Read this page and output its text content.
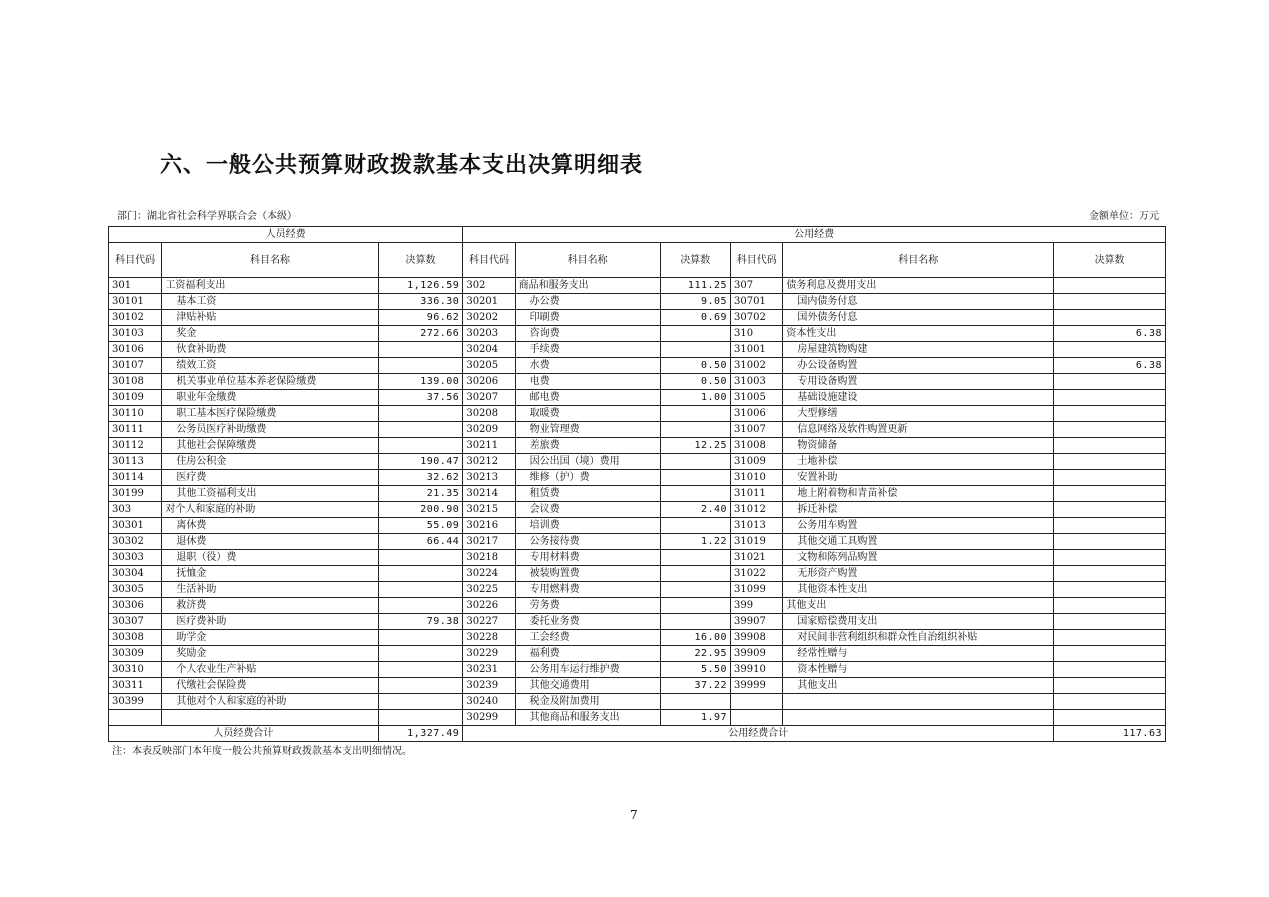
六、一般公共预算财政拨款基本支出决算明细表
部门：湖北省社会科学界联合会（本级）	金额单位：万元
人员经费			公用经费					
科目代码	科目名称	决算数	科目代码	科目名称	决算数	科目代码	科目名称	决算数
301	工资福利支出	1,126.59	302	商品和服务支出	111.25	307	债务利息及费用支出	
30101	基本工资	336.30	30201	办公费	9.05	30701	国内债务付息	
30102	津贴补贴	96.62	30202	印刷费	0.69	30702	国外债务付息	
30103	奖金	272.66	30203	咨询费		310	资本性支出	6.38
30106	伙食补助费		30204	手续费		31001	房屋建筑物购建	
30107	绩效工资		30205	水费	0.50	31002	办公设备购置	6.38
30108	机关事业单位基本养老保险缴费	139.00	30206	电费	0.50	31003	专用设备购置	
30109	职业年金缴费	37.56	30207	邮电费	1.00	31005	基础设施建设	
30110	职工基本医疗保险缴费		30208	取暖费		31006	大型修缮	
30111	公务员医疗补助缴费		30209	物业管理费		31007	信息网络及软件购置更新	
30112	其他社会保障缴费		30211	差旅费	12.25	31008	物资储备	
30113	住房公积金	190.47	30212	因公出国（境）费用		31009	土地补偿	
30114	医疗费	32.62	30213	维修（护）费		31010	安置补助	
30199	其他工资福利支出	21.35	30214	租赁费		31011	地上附着物和青苗补偿	
303	对个人和家庭的补助	200.90	30215	会议费	2.40	31012	拆迁补偿	
30301	离休费	55.09	30216	培训费		31013	公务用车购置	
30302	退休费	66.44	30217	公务接待费	1.22	31019	其他交通工具购置	
30303	退职（役）费		30218	专用材料费		31021	文物和陈列品购置	
30304	抚恤金		30224	被装购置费		31022	无形资产购置	
30305	生活补助		30225	专用燃料费		31099	其他资本性支出	
30306	救济费		30226	劳务费		399	其他支出	
30307	医疗费补助	79.38	30227	委托业务费		39907	国家赔偿费用支出	
30308	助学金		30228	工会经费	16.00	39908	对民间非营利组织和群众性自治组织补贴	
30309	奖励金		30229	福利费	22.95	39909	经常性赠与	
30310	个人农业生产补贴		30231	公务用车运行维护费	5.50	39910	资本性赠与	
30311	代缴社会保险费		30239	其他交通费用	37.22	39999	其他支出	
30399	其他对个人和家庭的补助		30240	税金及附加费用				
			30299	其他商品和服务支出	1.97			
人员经费合计		1,327.49	公用经费合计					117.63
注：本表反映部门本年度一般公共预算财政拨款基本支出明细情况。
7
